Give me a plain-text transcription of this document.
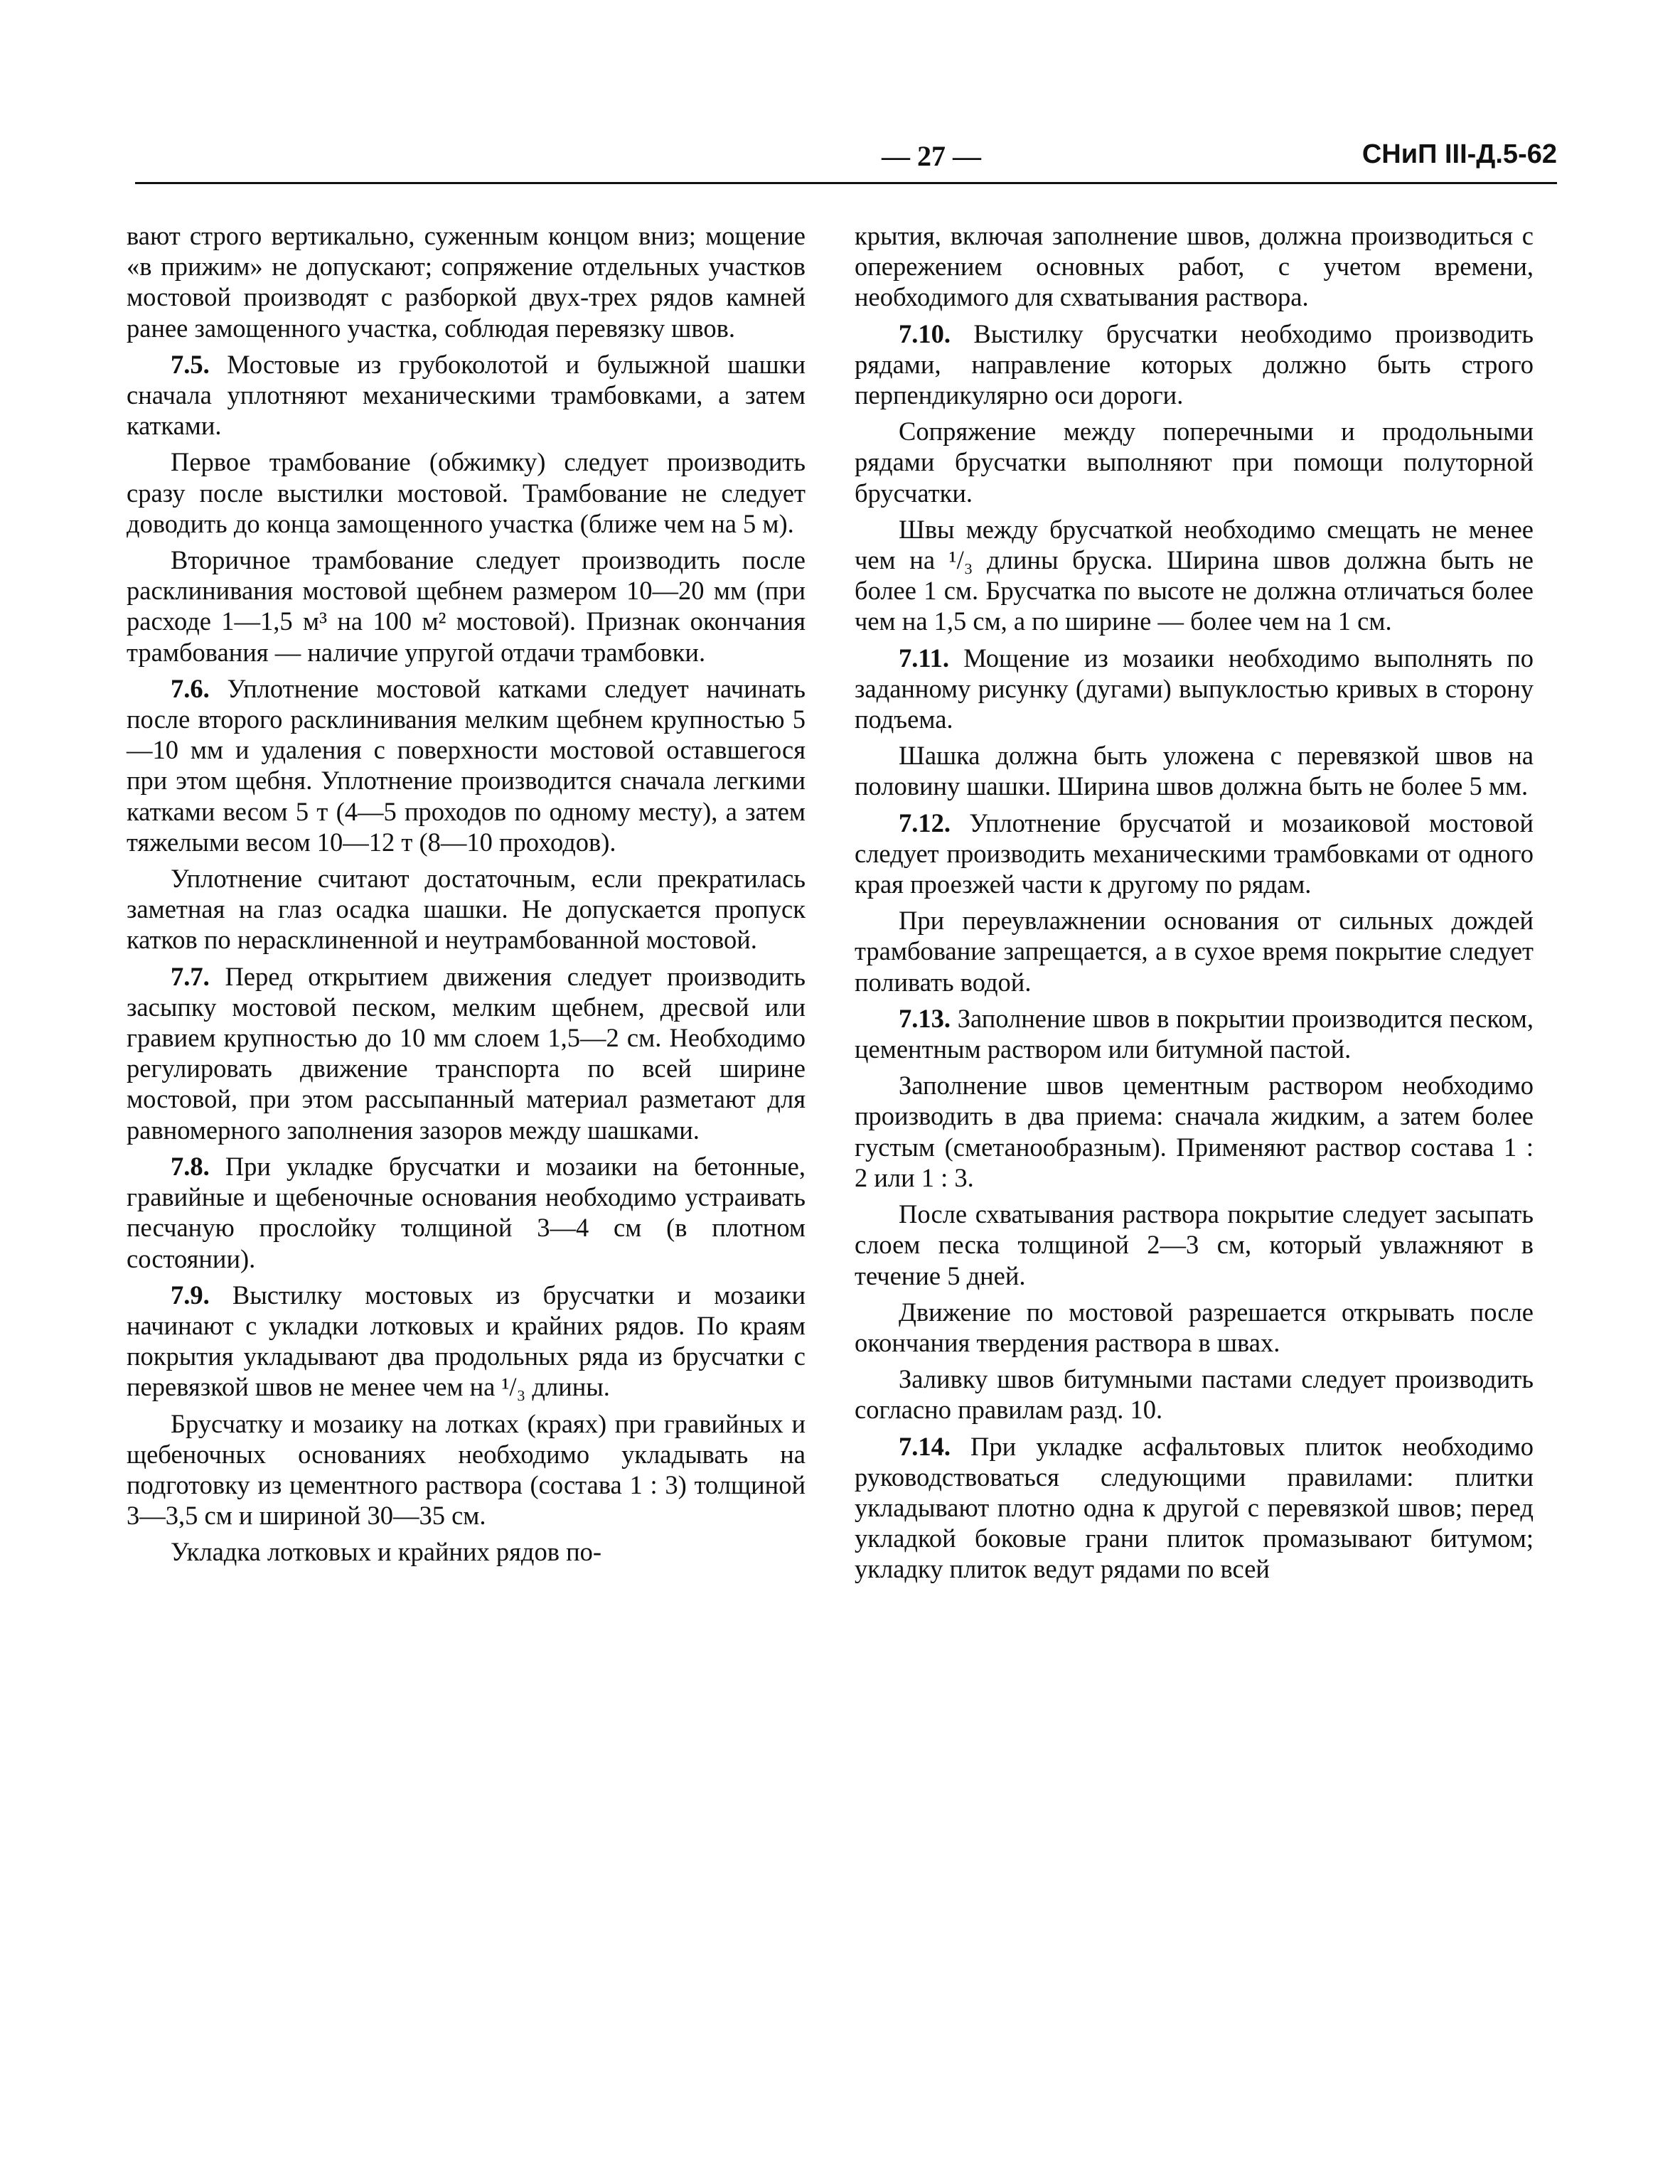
— 27 —	СНиП III-Д.5-62

вают строго вертикально, суженным концом вниз; мощение «в прижим» не допускают; сопряжение отдельных участков мостовой производят с разборкой двух-трех рядов камней ранее замощенного участка, соблюдая перевязку швов.

7.5. Мостовые из грубоколотой и булыжной шашки сначала уплотняют механическими трамбовками, а затем катками.

Первое трамбование (обжимку) следует производить сразу после выстилки мостовой. Трамбование не следует доводить до конца замощенного участка (ближе чем на 5 м).

Вторичное трамбование следует производить после расклинивания мостовой щебнем размером 10—20 мм (при расходе 1—1,5 м³ на 100 м² мостовой). Признак окончания трамбования — наличие упругой отдачи трамбовки.

7.6. Уплотнение мостовой катками следует начинать после второго расклинивания мелким щебнем крупностью 5—10 мм и удаления с поверхности мостовой оставшегося при этом щебня. Уплотнение производится сначала легкими катками весом 5 т (4—5 проходов по одному месту), а затем тяжелыми весом 10—12 т (8—10 проходов).

Уплотнение считают достаточным, если прекратилась заметная на глаз осадка шашки. Не допускается пропуск катков по нерасклиненной и неутрамбованной мостовой.

7.7. Перед открытием движения следует производить засыпку мостовой песком, мелким щебнем, дресвой или гравием крупностью до 10 мм слоем 1,5—2 см. Необходимо регулировать движение транспорта по всей ширине мостовой, при этом рассыпанный материал разметают для равномерного заполнения зазоров между шашками.

7.8. При укладке брусчатки и мозаики на бетонные, гравийные и щебеночные основания необходимо устраивать песчаную прослойку толщиной 3—4 см (в плотном состоянии).

7.9. Выстилку мостовых из брусчатки и мозаики начинают с укладки лотковых и крайних рядов. По краям покрытия укладывают два продольных ряда из брусчатки с перевязкой швов не менее чем на ¹/₃ длины.

Брусчатку и мозаику на лотках (краях) при гравийных и щебеночных основаниях необходимо укладывать на подготовку из цементного раствора (состава 1 : 3) толщиной 3—3,5 см и шириной 30—35 см.

Укладка лотковых и крайних рядов по-

крытия, включая заполнение швов, должна производиться с опережением основных работ, с учетом времени, необходимого для схватывания раствора.

7.10. Выстилку брусчатки необходимо производить рядами, направление которых должно быть строго перпендикулярно оси дороги.

Сопряжение между поперечными и продольными рядами брусчатки выполняют при помощи полуторной брусчатки.

Швы между брусчаткой необходимо смещать не менее чем на ¹/₃ длины бруска. Ширина швов должна быть не более 1 см. Брусчатка по высоте не должна отличаться более чем на 1,5 см, а по ширине — более чем на 1 см.

7.11. Мощение из мозаики необходимо выполнять по заданному рисунку (дугами) выпуклостью кривых в сторону подъема.

Шашка должна быть уложена с перевязкой швов на половину шашки. Ширина швов должна быть не более 5 мм.

7.12. Уплотнение брусчатой и мозаиковой мостовой следует производить механическими трамбовками от одного края проезжей части к другому по рядам.

При переувлажнении основания от сильных дождей трамбование запрещается, а в сухое время покрытие следует поливать водой.

7.13. Заполнение швов в покрытии производится песком, цементным раствором или битумной пастой.

Заполнение швов цементным раствором необходимо производить в два приема: сначала жидким, а затем более густым (сметанообразным). Применяют раствор состава 1 : 2 или 1 : 3.

После схватывания раствора покрытие следует засыпать слоем песка толщиной 2—3 см, который увлажняют в течение 5 дней.

Движение по мостовой разрешается открывать после окончания твердения раствора в швах.

Заливку швов битумными пастами следует производить согласно правилам разд. 10.

7.14. При укладке асфальтовых плиток необходимо руководствоваться следующими правилами: плитки укладывают плотно одна к другой с перевязкой швов; перед укладкой боковые грани плиток промазывают битумом; укладку плиток ведут рядами по всей
